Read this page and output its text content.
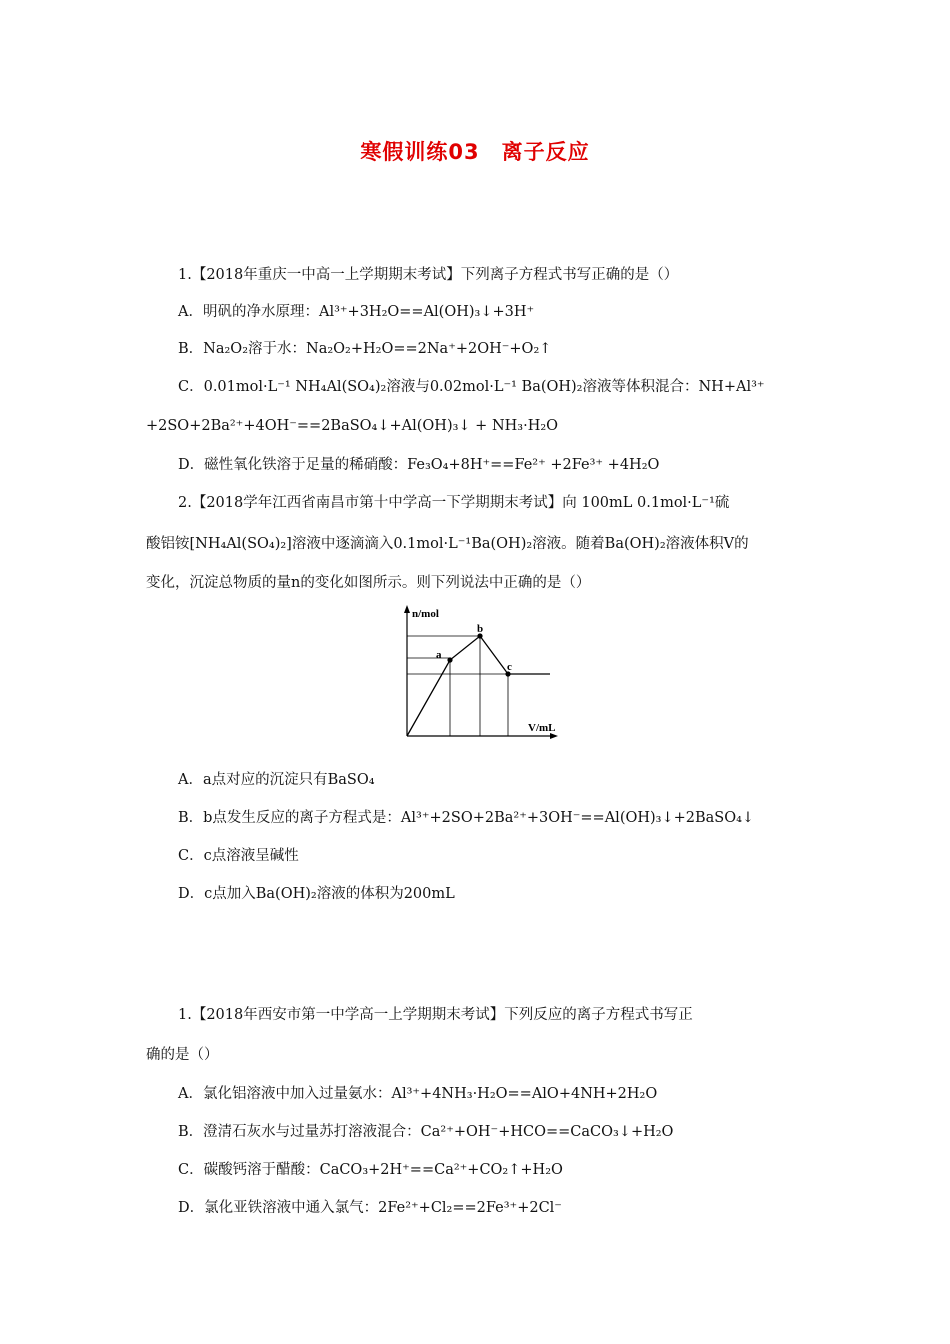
寒假训练03　离子反应
1.【2018年重庆一中高一上学期期末考试】下列离子方程式书写正确的是（）
A．明矾的净水原理：Al³⁺+3H₂O==Al(OH)₃↓+3H⁺
B．Na₂O₂溶于水：Na₂O₂+H₂O==2Na⁺+2OH⁻+O₂↑
C．0.01mol·L⁻¹ NH₄Al(SO₄)₂溶液与0.02mol·L⁻¹ Ba(OH)₂溶液等体积混合：NH+Al³⁺
+2SO+2Ba²⁺+4OH⁻==2BaSO₄↓+Al(OH)₃↓ + NH₃·H₂O
D．磁性氧化铁溶于足量的稀硝酸：Fe₃O₄+8H⁺==Fe²⁺ +2Fe³⁺ +4H₂O
2.【2018学年江西省南昌市第十中学高一下学期期末考试】向 100mL 0.1mol·L⁻¹硫
酸铝铵[NH₄Al(SO₄)₂]溶液中逐滴滴入0.1mol·L⁻¹Ba(OH)₂溶液。随着Ba(OH)₂溶液体积V的
变化，沉淀总物质的量n的变化如图所示。则下列说法中正确的是（）
n/mol
V/mL
a
b
c
A．a点对应的沉淀只有BaSO₄
B．b点发生反应的离子方程式是：Al³⁺+2SO+2Ba²⁺+3OH⁻==Al(OH)₃↓+2BaSO₄↓
C．c点溶液呈碱性
D．c点加入Ba(OH)₂溶液的体积为200mL
1.【2018年西安市第一中学高一上学期期末考试】下列反应的离子方程式书写正
确的是（）
A．氯化铝溶液中加入过量氨水：Al³⁺+4NH₃·H₂O==AlO+4NH+2H₂O
B．澄清石灰水与过量苏打溶液混合：Ca²⁺+OH⁻+HCO==CaCO₃↓+H₂O
C．碳酸钙溶于醋酸：CaCO₃+2H⁺==Ca²⁺+CO₂↑+H₂O
D．氯化亚铁溶液中通入氯气：2Fe²⁺+Cl₂==2Fe³⁺+2Cl⁻
